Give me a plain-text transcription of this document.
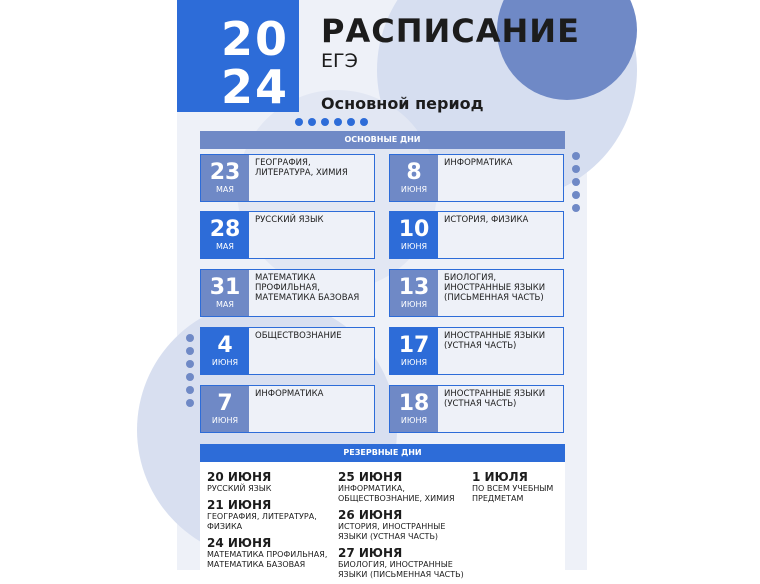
20
24
РАСПИСАНИЕ
ЕГЭ
Основной период
ОСНОВНЫЕ ДНИ
23
МАЯ
ГЕОГРАФИЯ, ЛИТЕРАТУРА, ХИМИЯ	8
ИЮНЯ
ИНФОРМАТИКА
28
МАЯ
РУССКИЙ ЯЗЫК	10
ИЮНЯ
ИСТОРИЯ, ФИЗИКА
31
МАЯ
МАТЕМАТИКА ПРОФИЛЬНАЯ, МАТЕМАТИКА БАЗОВАЯ	13
ИЮНЯ
БИОЛОГИЯ, ИНОСТРАННЫЕ ЯЗЫКИ (ПИСЬМЕННАЯ ЧАСТЬ)
4
ИЮНЯ
ОБЩЕСТВОЗНАНИЕ	17
ИЮНЯ
ИНОСТРАННЫЕ ЯЗЫКИ (УСТНАЯ ЧАСТЬ)
7
ИЮНЯ
ИНФОРМАТИКА	18
ИЮНЯ
ИНОСТРАННЫЕ ЯЗЫКИ (УСТНАЯ ЧАСТЬ)
РЕЗЕРВНЫЕ ДНИ
20 ИЮНЯ
РУССКИЙ ЯЗЫК
21 ИЮНЯ
ГЕОГРАФИЯ, ЛИТЕРАТУРА, ФИЗИКА
24 ИЮНЯ
МАТЕМАТИКА ПРОФИЛЬНАЯ, МАТЕМАТИКА БАЗОВАЯ
25 ИЮНЯ
ИНФОРМАТИКА, ОБЩЕСТВОЗНАНИЕ, ХИМИЯ
26 ИЮНЯ
ИСТОРИЯ, ИНОСТРАННЫЕ ЯЗЫКИ (УСТНАЯ ЧАСТЬ)
27 ИЮНЯ
БИОЛОГИЯ, ИНОСТРАННЫЕ ЯЗЫКИ (ПИСЬМЕННАЯ ЧАСТЬ)
1 ИЮЛЯ
ПО ВСЕМ УЧЕБНЫМ ПРЕДМЕТАМ
